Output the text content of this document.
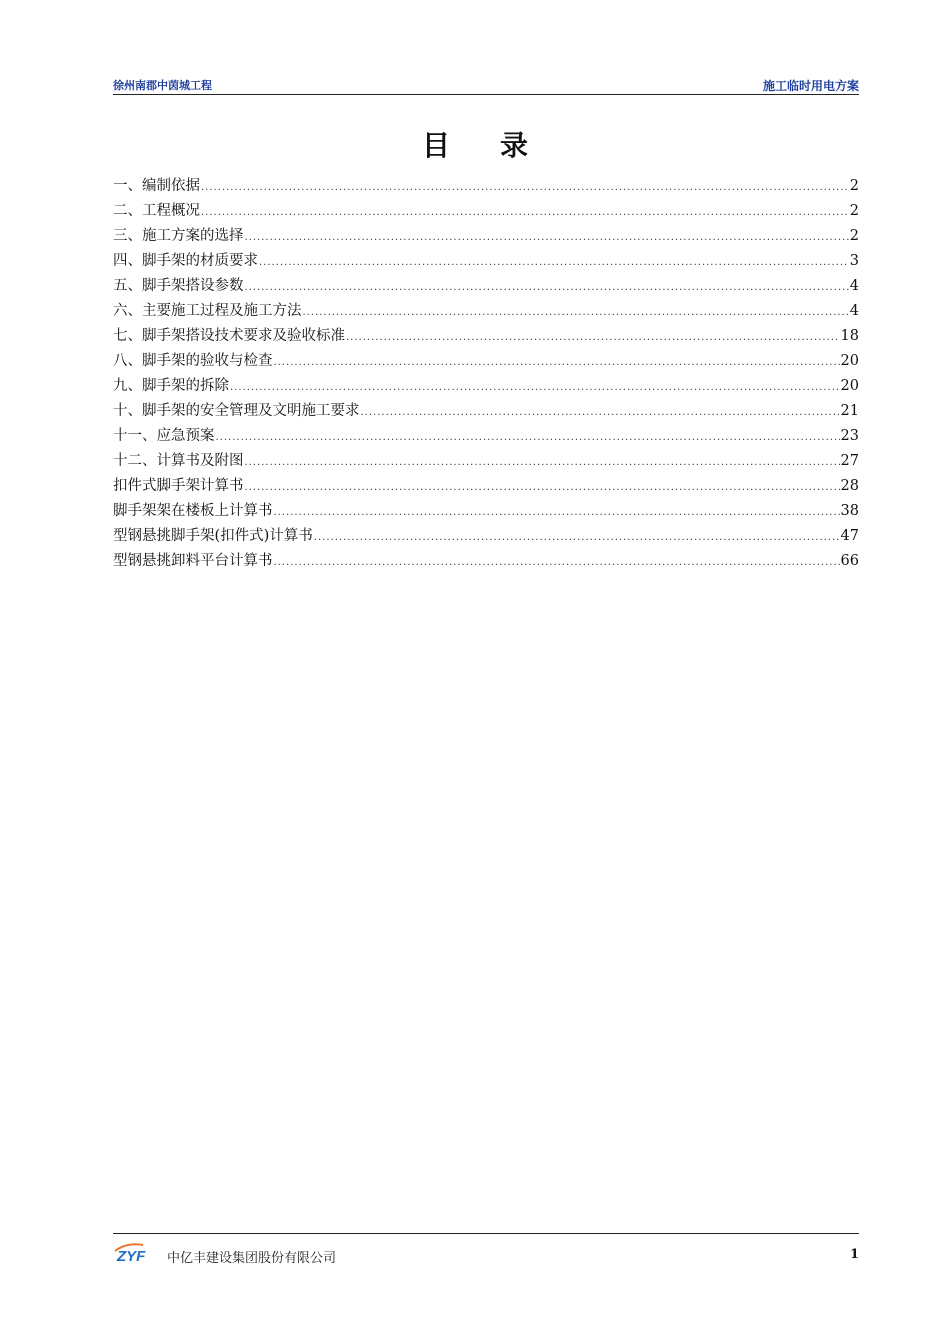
徐州南郡中茵城工程	施工临时用电方案
目录
一、编制依据 .....	2
二、工程概况 .....	2
三、施工方案的选择 .....	2
四、脚手架的材质要求 .....	3
五、脚手架搭设参数 .....	4
六、主要施工过程及施工方法 .....	4
七、脚手架搭设技术要求及验收标准 .....	18
八、脚手架的验收与检查 .....	20
九、脚手架的拆除 .....	20
十、脚手架的安全管理及文明施工要求 .....	21
十一、应急预案 .....	23
十二、计算书及附图 .....	27
扣件式脚手架计算书 .....	28
脚手架架在楼板上计算书 .....	38
型钢悬挑脚手架(扣件式)计算书 .....	47
型钢悬挑卸料平台计算书 .....	66
ZYF 中亿丰建设集团股份有限公司	1
